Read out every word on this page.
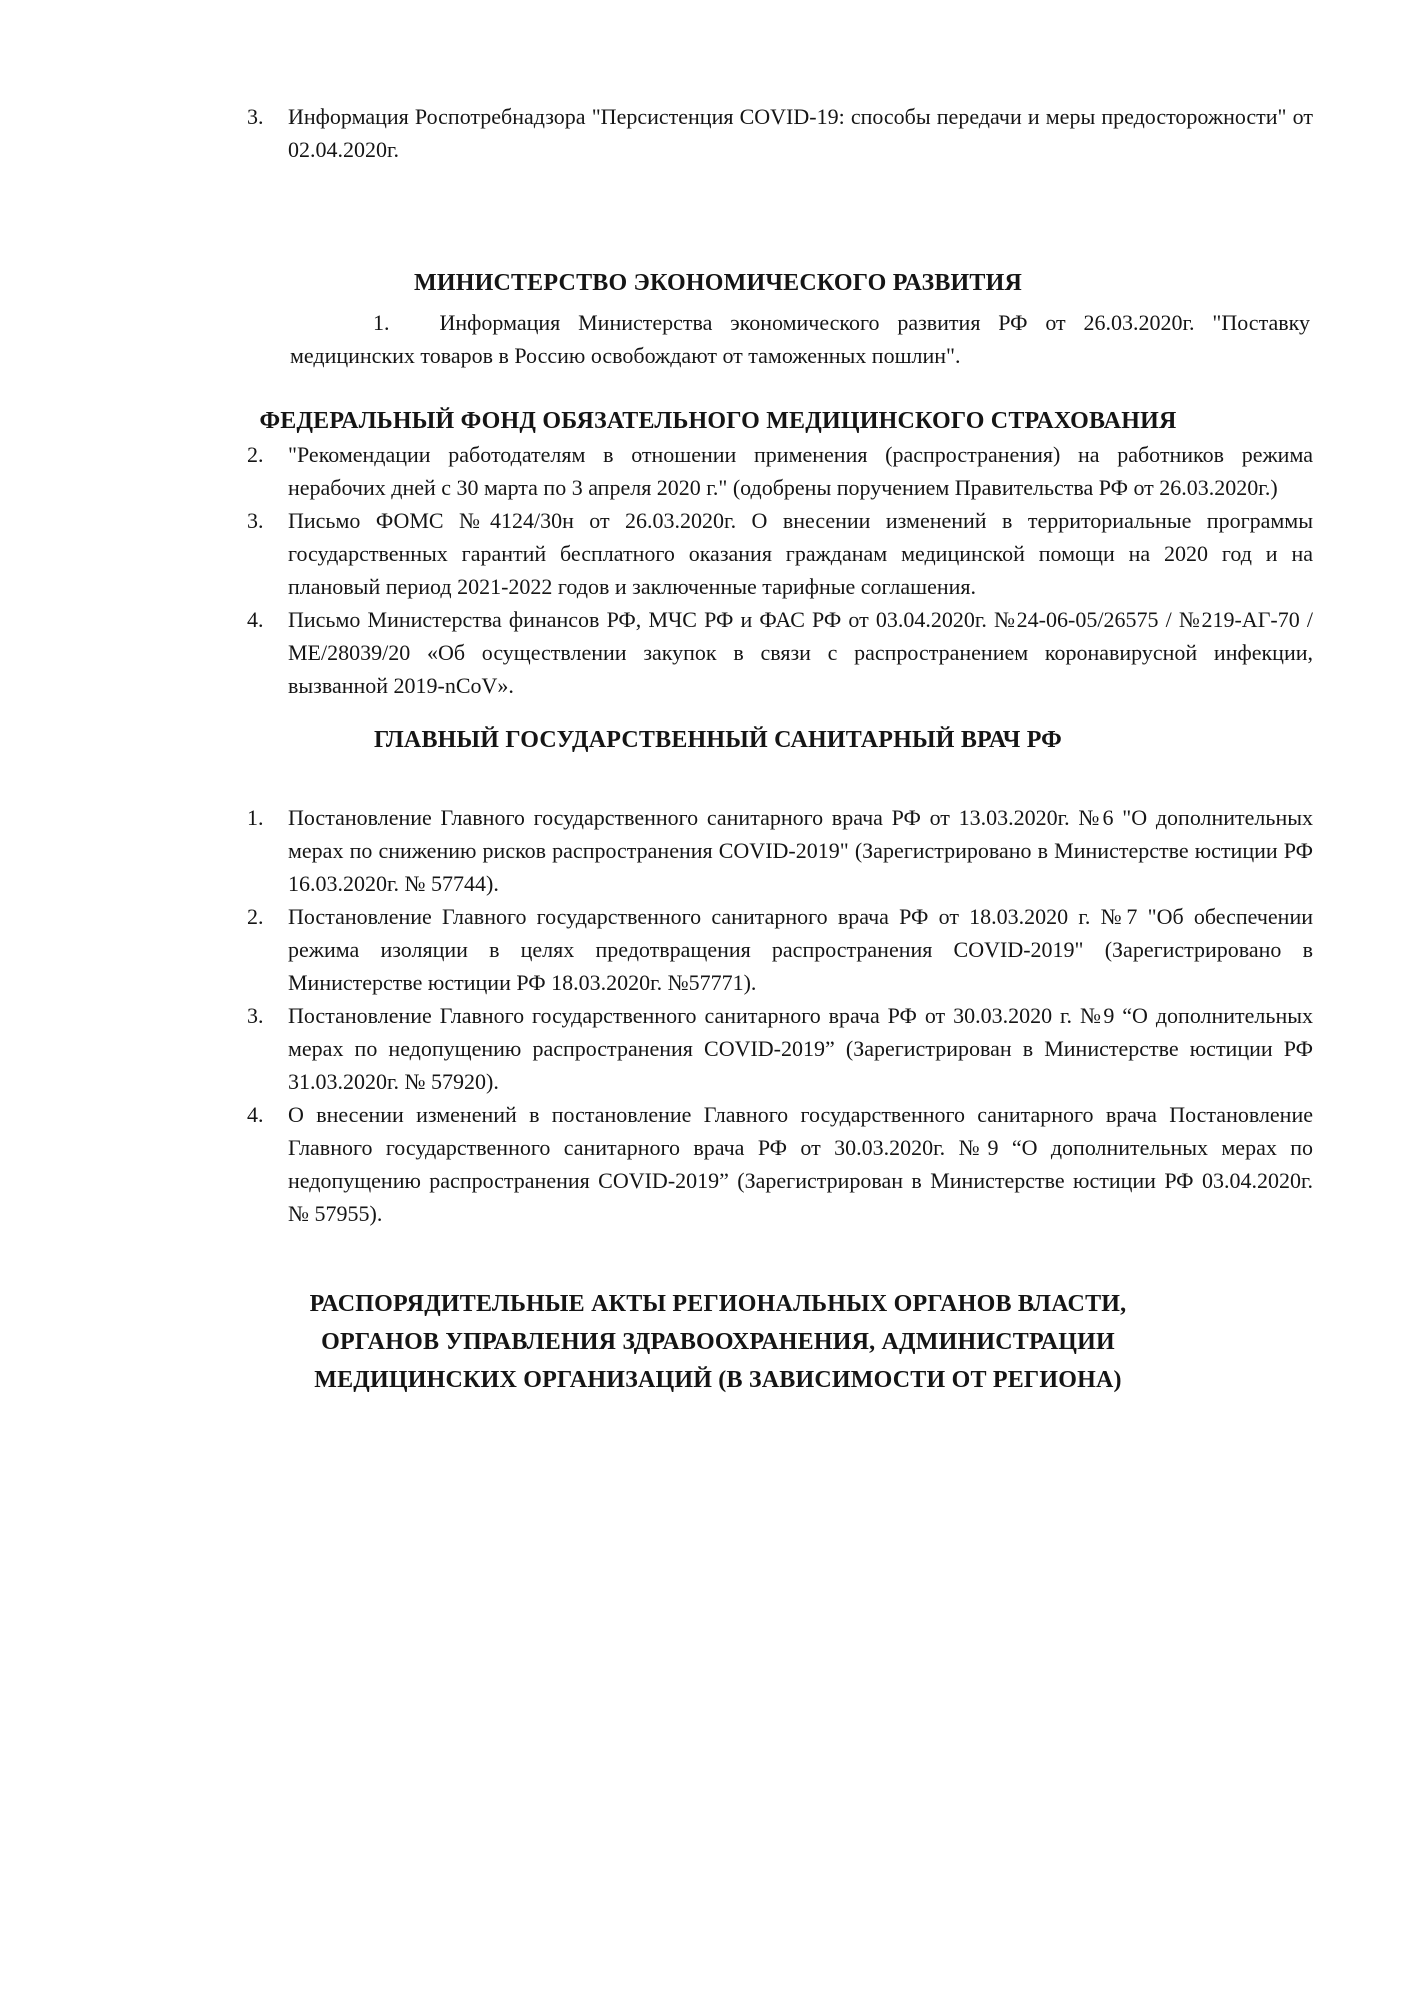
3. Информация Роспотребнадзора "Персистенция COVID-19: способы передачи и меры предосторожности" от 02.04.2020г.
МИНИСТЕРСТВО ЭКОНОМИЧЕСКОГО РАЗВИТИЯ

1. Информация Министерства экономического развития РФ от 26.03.2020г. "Поставку медицинских товаров в Россию освобождают от таможенных пошлин".

ФЕДЕРАЛЬНЫЙ ФОНД ОБЯЗАТЕЛЬНОГО МЕДИЦИНСКОГО СТРАХОВАНИЯ
2. "Рекомендации работодателям в отношении применения (распространения) на работников режима нерабочих дней с 30 марта по 3 апреля 2020 г." (одобрены поручением Правительства РФ от 26.03.2020г.)
3. Письмо ФОМС №4124/30н от 26.03.2020г. О внесении изменений в территориальные программы государственных гарантий бесплатного оказания гражданам медицинской помощи на 2020 год и на плановый период 2021-2022 годов и заключенные тарифные соглашения.
4. Письмо Министерства финансов РФ, МЧС РФ и ФАС РФ от 03.04.2020г. №24-06-05/26575 / №219-АГ-70 / МЕ/28039/20 «Об осуществлении закупок в связи с распространением коронавирусной инфекции, вызванной 2019-nCoV».
ГЛАВНЫЙ ГОСУДАРСТВЕННЫЙ САНИТАРНЫЙ ВРАЧ РФ
1. Постановление Главного государственного санитарного врача РФ от 13.03.2020г. №6 "О дополнительных мерах по снижению рисков распространения COVID-2019" (Зарегистрировано в Министерстве юстиции РФ 16.03.2020г. № 57744).
2. Постановление Главного государственного санитарного врача РФ от 18.03.2020 г. №7 "Об обеспечении режима изоляции в целях предотвращения распространения COVID-2019" (Зарегистрировано в Министерстве юстиции РФ 18.03.2020г. №57771).
3. Постановление Главного государственного санитарного врача РФ от 30.03.2020 г. №9 “О дополнительных мерах по недопущению распространения COVID-2019” (Зарегистрирован в Министерстве юстиции РФ 31.03.2020г. № 57920).
4. О внесении изменений в постановление Главного государственного санитарного врача Постановление Главного государственного санитарного врача РФ от 30.03.2020г. №9 “О дополнительных мерах по недопущению распространения COVID-2019” (Зарегистрирован в Министерстве юстиции РФ 03.04.2020г. № 57955).
РАСПОРЯДИТЕЛЬНЫЕ АКТЫ РЕГИОНАЛЬНЫХ ОРГАНОВ ВЛАСТИ,
ОРГАНОВ УПРАВЛЕНИЯ ЗДРАВООХРАНЕНИЯ, АДМИНИСТРАЦИИ
МЕДИЦИНСКИХ ОРГАНИЗАЦИЙ (В ЗАВИСИМОСТИ ОТ РЕГИОНА)
